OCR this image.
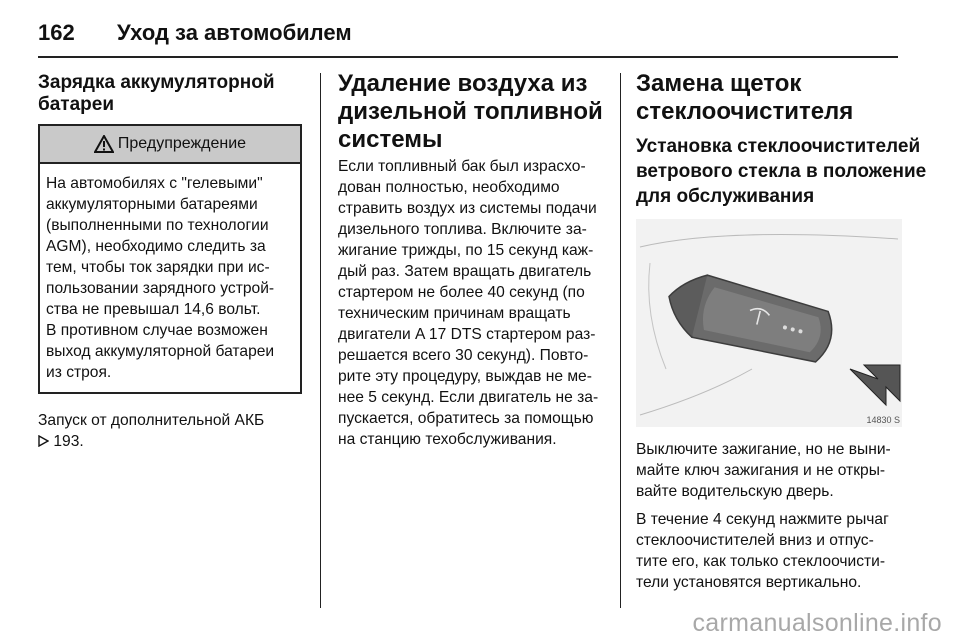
162 Уход за автомобилем
Зарядка аккумуляторной
батареи
Предупреждение
На автомобилях с "гелевыми"
аккумуляторными батареями
(выполненными по технологии
AGM), необходимо следить за
тем, чтобы ток зарядки при ис-
пользовании зарядного устрой-
ства не превышал 14,6 вольт.
В противном случае возможен
выход аккумуляторной батареи
из строя.
Запуск от дополнительной АКБ
193.
Удаление воздуха из
дизельной топливной
системы
Если топливный бак был израсхо-
дован полностью, необходимо
стравить воздух из системы подачи
дизельного топлива. Включите за-
жигание трижды, по 15 секунд каж-
дый раз. Затем вращать двигатель
стартером не более 40 секунд (по
техническим причинам вращать
двигатели A 17 DTS стартером раз-
решается всего 30 секунд). Повто-
рите эту процедуру, выждав не ме-
нее 5 секунд. Если двигатель не за-
пускается, обратитесь за помощью
на станцию техобслуживания.
Замена щеток
стеклоочистителя
Установка стеклоочистителей
ветрового стекла в положение
для обслуживания
14830 S
Выключите зажигание, но не выни-
майте ключ зажигания и не откры-
вайте водительскую дверь.
В течение 4 секунд нажмите рычаг
стеклоочистителей вниз и отпус-
тите его, как только стеклоочисти-
тели установятся вертикально.
carmanualsonline.info
